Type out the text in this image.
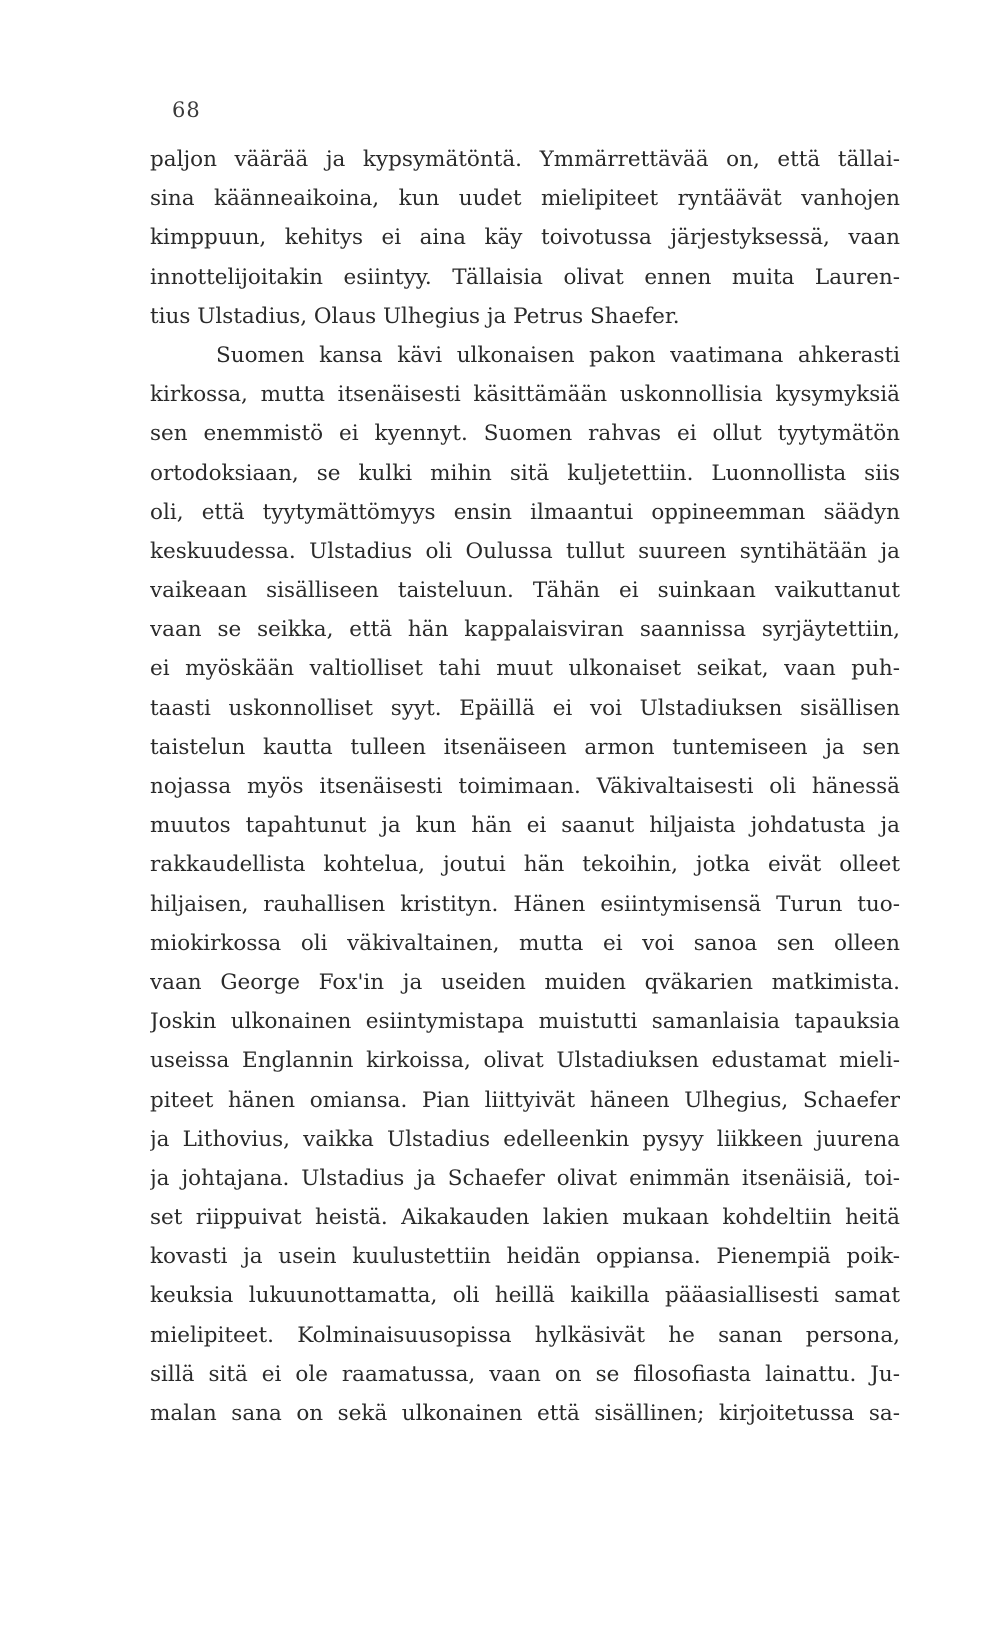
68
paljon väärää ja kypsymätöntä. Ymmärrettävää on, että tällai-
sina käänneaikoina, kun uudet mielipiteet ryntäävät vanhojen
kimppuun, kehitys ei aina käy toivotussa järjestyksessä, vaan
innottelijoitakin esiintyy. Tällaisia olivat ennen muita Lauren-
tius Ulstadius, Olaus Ulhegius ja Petrus Shaefer.
Suomen kansa kävi ulkonaisen pakon vaatimana ahkerasti
kirkossa, mutta itsenäisesti käsittämään uskonnollisia kysymyksiä
sen enemmistö ei kyennyt. Suomen rahvas ei ollut tyytymätön
ortodoksiaan, se kulki mihin sitä kuljetettiin. Luonnollista siis
oli, että tyytymättömyys ensin ilmaantui oppineemman säädyn
keskuudessa. Ulstadius oli Oulussa tullut suureen syntihätään ja
vaikeaan sisälliseen taisteluun. Tähän ei suinkaan vaikuttanut
vaan se seikka, että hän kappalaisviran saannissa syrjäytettiin,
ei myöskään valtiolliset tahi muut ulkonaiset seikat, vaan puh-
taasti uskonnolliset syyt. Epäillä ei voi Ulstadiuksen sisällisen
taistelun kautta tulleen itsenäiseen armon tuntemiseen ja sen
nojassa myös itsenäisesti toimimaan. Väkivaltaisesti oli hänessä
muutos tapahtunut ja kun hän ei saanut hiljaista johdatusta ja
rakkaudellista kohtelua, joutui hän tekoihin, jotka eivät olleet
hiljaisen, rauhallisen kristityn. Hänen esiintymisensä Turun tuo-
miokirkossa oli väkivaltainen, mutta ei voi sanoa sen olleen
vaan George Fox'in ja useiden muiden qväkarien matkimista.
Joskin ulkonainen esiintymistapa muistutti samanlaisia tapauksia
useissa Englannin kirkoissa, olivat Ulstadiuksen edustamat mieli-
piteet hänen omiansa. Pian liittyivät häneen Ulhegius, Schaefer
ja Lithovius, vaikka Ulstadius edelleenkin pysyy liikkeen juurena
ja johtajana. Ulstadius ja Schaefer olivat enimmän itsenäisiä, toi-
set riippuivat heistä. Aikakauden lakien mukaan kohdeltiin heitä
kovasti ja usein kuulustettiin heidän oppiansa. Pienempiä poik-
keuksia lukuunottamatta, oli heillä kaikilla pääasiallisesti samat
mielipiteet. Kolminaisuusopissa hylkäsivät he sanan persona,
sillä sitä ei ole raamatussa, vaan on se filosofiasta lainattu. Ju-
malan sana on sekä ulkonainen että sisällinen; kirjoitetussa sa-
